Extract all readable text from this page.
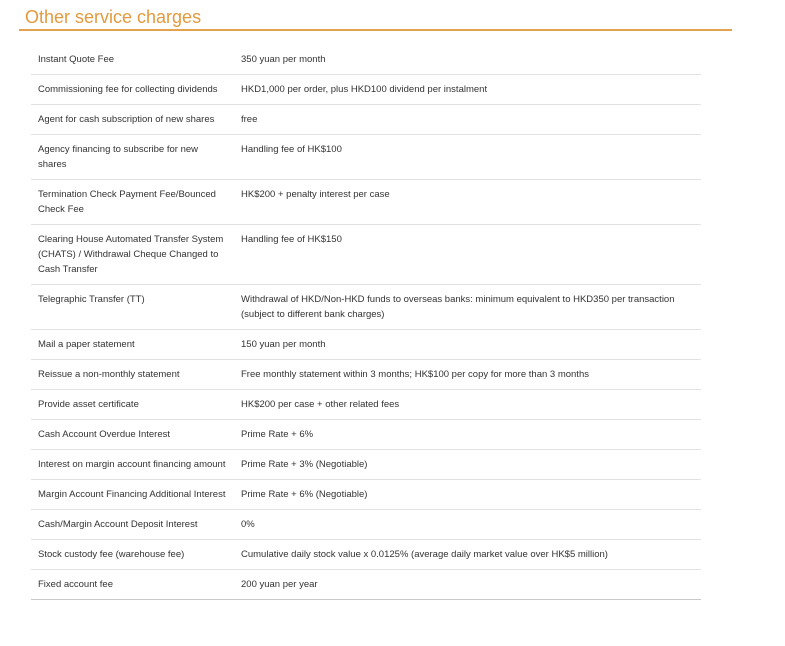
Other service charges
Instant Quote Fee	350 yuan per month
Commissioning fee for collecting dividends	HKD1,000 per order, plus HKD100 dividend per instalment
Agent for cash subscription of new shares	free
Agency financing to subscribe for new shares	Handling fee of HK$100
Termination Check Payment Fee/Bounced Check Fee	HK$200 + penalty interest per case
Clearing House Automated Transfer System (CHATS) / Withdrawal Cheque Changed to Cash Transfer	Handling fee of HK$150
Telegraphic Transfer (TT)	Withdrawal of HKD/Non-HKD funds to overseas banks: minimum equivalent to HKD350 per transaction (subject to different bank charges)
Mail a paper statement	150 yuan per month
Reissue a non-monthly statement	Free monthly statement within 3 months; HK$100 per copy for more than 3 months
Provide asset certificate	HK$200 per case + other related fees
Cash Account Overdue Interest	Prime Rate + 6%
Interest on margin account financing amount	Prime Rate + 3% (Negotiable)
Margin Account Financing Additional Interest	Prime Rate + 6% (Negotiable)
Cash/Margin Account Deposit Interest	0%
Stock custody fee (warehouse fee)	Cumulative daily stock value x 0.0125% (average daily market value over HK$5 million)
Fixed account fee	200 yuan per year
